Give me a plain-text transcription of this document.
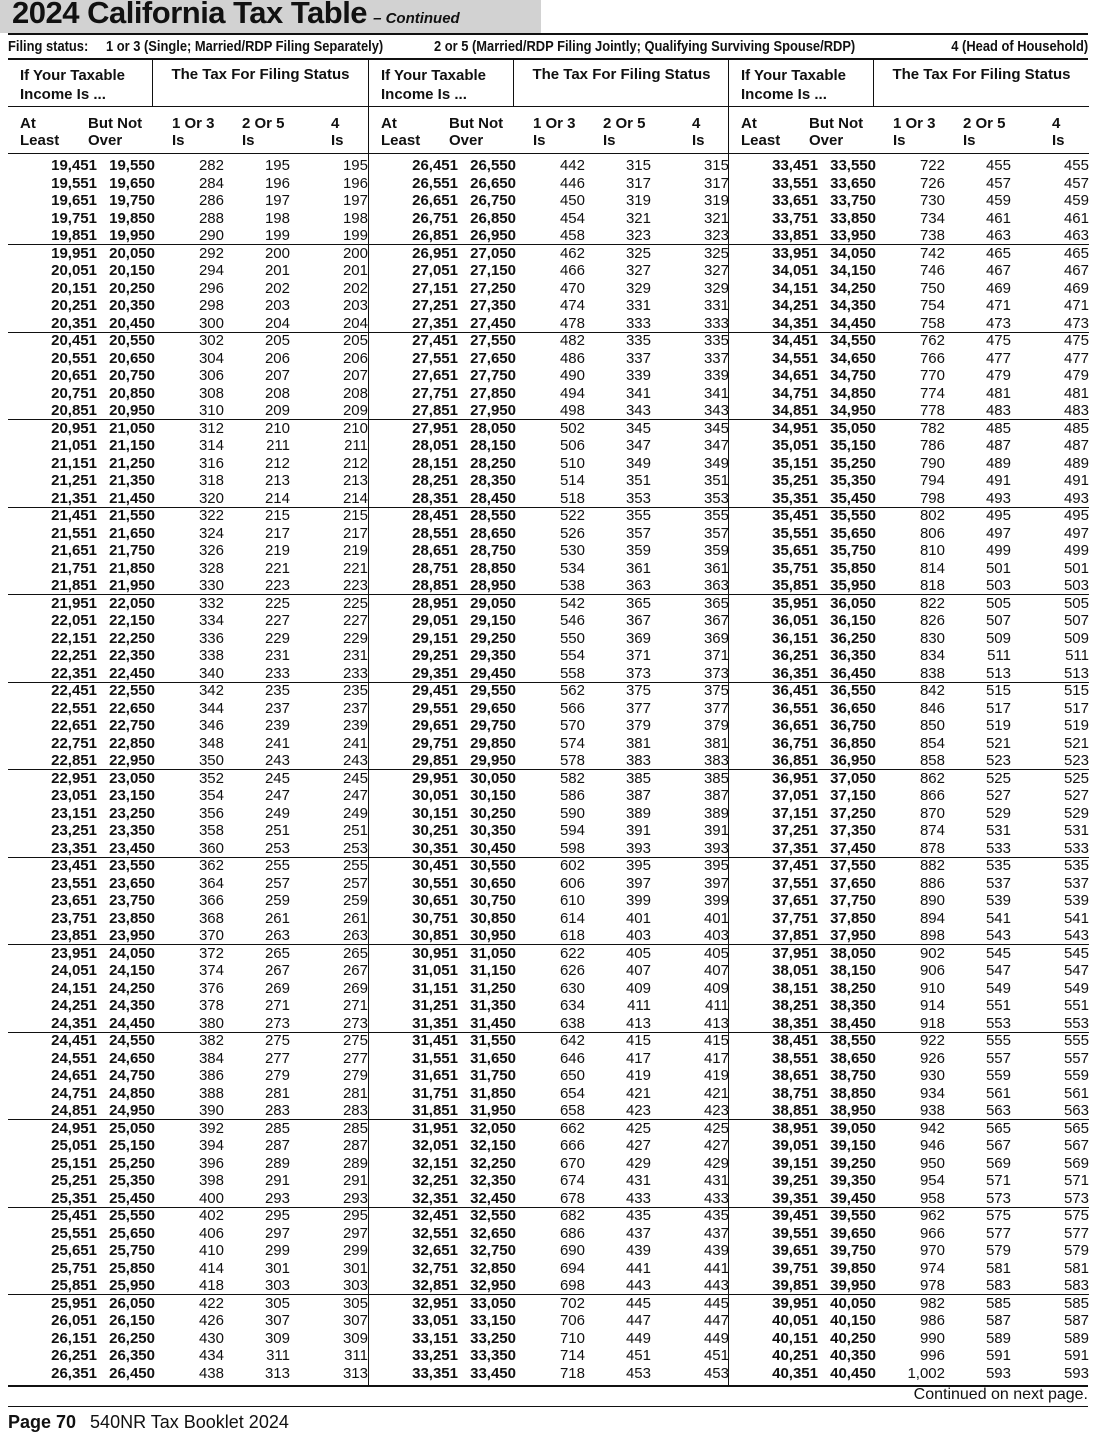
2024 California Tax Table – Continued
Filing status: 1 or 3 (Single; Married/RDP Filing Separately)	2 or 5 (Married/RDP Filing Jointly; Qualifying Surviving Spouse/RDP)	4 (Head of Household)
If Your Taxable Income Is ...
The Tax For Filing Status
At
Least
But Not
Over
1 Or 3
Is
2 Or 5
Is
4
Is
19,451 19,550	282	195	195
19,551 19,650	284	196	196
19,651 19,750	286	197	197
19,751 19,850	288	198	198
19,851 19,950	290	199	199
19,951 20,050	292	200	200
20,051 20,150	294	201	201
20,151 20,250	296	202	202
20,251 20,350	298	203	203
20,351 20,450	300	204	204
20,451 20,550	302	205	205
20,551 20,650	304	206	206
20,651 20,750	306	207	207
20,751 20,850	308	208	208
20,851 20,950	310	209	209
20,951 21,050	312	210	210
21,051 21,150	314	211	211
21,151 21,250	316	212	212
21,251 21,350	318	213	213
21,351 21,450	320	214	214
21,451 21,550	322	215	215
21,551 21,650	324	217	217
21,651 21,750	326	219	219
21,751 21,850	328	221	221
21,851 21,950	330	223	223
21,951 22,050	332	225	225
22,051 22,150	334	227	227
22,151 22,250	336	229	229
22,251 22,350	338	231	231
22,351 22,450	340	233	233
22,451 22,550	342	235	235
22,551 22,650	344	237	237
22,651 22,750	346	239	239
22,751 22,850	348	241	241
22,851 22,950	350	243	243
22,951 23,050	352	245	245
23,051 23,150	354	247	247
23,151 23,250	356	249	249
23,251 23,350	358	251	251
23,351 23,450	360	253	253
23,451 23,550	362	255	255
23,551 23,650	364	257	257
23,651 23,750	366	259	259
23,751 23,850	368	261	261
23,851 23,950	370	263	263
23,951 24,050	372	265	265
24,051 24,150	374	267	267
24,151 24,250	376	269	269
24,251 24,350	378	271	271
24,351 24,450	380	273	273
24,451 24,550	382	275	275
24,551 24,650	384	277	277
24,651 24,750	386	279	279
24,751 24,850	388	281	281
24,851 24,950	390	283	283
24,951 25,050	392	285	285
25,051 25,150	394	287	287
25,151 25,250	396	289	289
25,251 25,350	398	291	291
25,351 25,450	400	293	293
25,451 25,550	402	295	295
25,551 25,650	406	297	297
25,651 25,750	410	299	299
25,751 25,850	414	301	301
25,851 25,950	418	303	303
25,951 26,050	422	305	305
26,051 26,150	426	307	307
26,151 26,250	430	309	309
26,251 26,350	434	311	311
26,351 26,450	438	313	313
If Your Taxable Income Is ...
The Tax For Filing Status
At
Least
But Not
Over
1 Or 3
Is
2 Or 5
Is
4
Is
26,451 26,550	442	315	315
26,551 26,650	446	317	317
26,651 26,750	450	319	319
26,751 26,850	454	321	321
26,851 26,950	458	323	323
26,951 27,050	462	325	325
27,051 27,150	466	327	327
27,151 27,250	470	329	329
27,251 27,350	474	331	331
27,351 27,450	478	333	333
27,451 27,550	482	335	335
27,551 27,650	486	337	337
27,651 27,750	490	339	339
27,751 27,850	494	341	341
27,851 27,950	498	343	343
27,951 28,050	502	345	345
28,051 28,150	506	347	347
28,151 28,250	510	349	349
28,251 28,350	514	351	351
28,351 28,450	518	353	353
28,451 28,550	522	355	355
28,551 28,650	526	357	357
28,651 28,750	530	359	359
28,751 28,850	534	361	361
28,851 28,950	538	363	363
28,951 29,050	542	365	365
29,051 29,150	546	367	367
29,151 29,250	550	369	369
29,251 29,350	554	371	371
29,351 29,450	558	373	373
29,451 29,550	562	375	375
29,551 29,650	566	377	377
29,651 29,750	570	379	379
29,751 29,850	574	381	381
29,851 29,950	578	383	383
29,951 30,050	582	385	385
30,051 30,150	586	387	387
30,151 30,250	590	389	389
30,251 30,350	594	391	391
30,351 30,450	598	393	393
30,451 30,550	602	395	395
30,551 30,650	606	397	397
30,651 30,750	610	399	399
30,751 30,850	614	401	401
30,851 30,950	618	403	403
30,951 31,050	622	405	405
31,051 31,150	626	407	407
31,151 31,250	630	409	409
31,251 31,350	634	411	411
31,351 31,450	638	413	413
31,451 31,550	642	415	415
31,551 31,650	646	417	417
31,651 31,750	650	419	419
31,751 31,850	654	421	421
31,851 31,950	658	423	423
31,951 32,050	662	425	425
32,051 32,150	666	427	427
32,151 32,250	670	429	429
32,251 32,350	674	431	431
32,351 32,450	678	433	433
32,451 32,550	682	435	435
32,551 32,650	686	437	437
32,651 32,750	690	439	439
32,751 32,850	694	441	441
32,851 32,950	698	443	443
32,951 33,050	702	445	445
33,051 33,150	706	447	447
33,151 33,250	710	449	449
33,251 33,350	714	451	451
33,351 33,450	718	453	453
If Your Taxable Income Is ...
The Tax For Filing Status
At
Least
But Not
Over
1 Or 3
Is
2 Or 5
Is
4
Is
33,451 33,550	722	455	455
33,551 33,650	726	457	457
33,651 33,750	730	459	459
33,751 33,850	734	461	461
33,851 33,950	738	463	463
33,951 34,050	742	465	465
34,051 34,150	746	467	467
34,151 34,250	750	469	469
34,251 34,350	754	471	471
34,351 34,450	758	473	473
34,451 34,550	762	475	475
34,551 34,650	766	477	477
34,651 34,750	770	479	479
34,751 34,850	774	481	481
34,851 34,950	778	483	483
34,951 35,050	782	485	485
35,051 35,150	786	487	487
35,151 35,250	790	489	489
35,251 35,350	794	491	491
35,351 35,450	798	493	493
35,451 35,550	802	495	495
35,551 35,650	806	497	497
35,651 35,750	810	499	499
35,751 35,850	814	501	501
35,851 35,950	818	503	503
35,951 36,050	822	505	505
36,051 36,150	826	507	507
36,151 36,250	830	509	509
36,251 36,350	834	511	511
36,351 36,450	838	513	513
36,451 36,550	842	515	515
36,551 36,650	846	517	517
36,651 36,750	850	519	519
36,751 36,850	854	521	521
36,851 36,950	858	523	523
36,951 37,050	862	525	525
37,051 37,150	866	527	527
37,151 37,250	870	529	529
37,251 37,350	874	531	531
37,351 37,450	878	533	533
37,451 37,550	882	535	535
37,551 37,650	886	537	537
37,651 37,750	890	539	539
37,751 37,850	894	541	541
37,851 37,950	898	543	543
37,951 38,050	902	545	545
38,051 38,150	906	547	547
38,151 38,250	910	549	549
38,251 38,350	914	551	551
38,351 38,450	918	553	553
38,451 38,550	922	555	555
38,551 38,650	926	557	557
38,651 38,750	930	559	559
38,751 38,850	934	561	561
38,851 38,950	938	563	563
38,951 39,050	942	565	565
39,051 39,150	946	567	567
39,151 39,250	950	569	569
39,251 39,350	954	571	571
39,351 39,450	958	573	573
39,451 39,550	962	575	575
39,551 39,650	966	577	577
39,651 39,750	970	579	579
39,751 39,850	974	581	581
39,851 39,950	978	583	583
39,951 40,050	982	585	585
40,051 40,150	986	587	587
40,151 40,250	990	589	589
40,251 40,350	996	591	591
40,351 40,450 1,002	593	593
Continued on next page.
Page 70 540NR Tax Booklet 2024
